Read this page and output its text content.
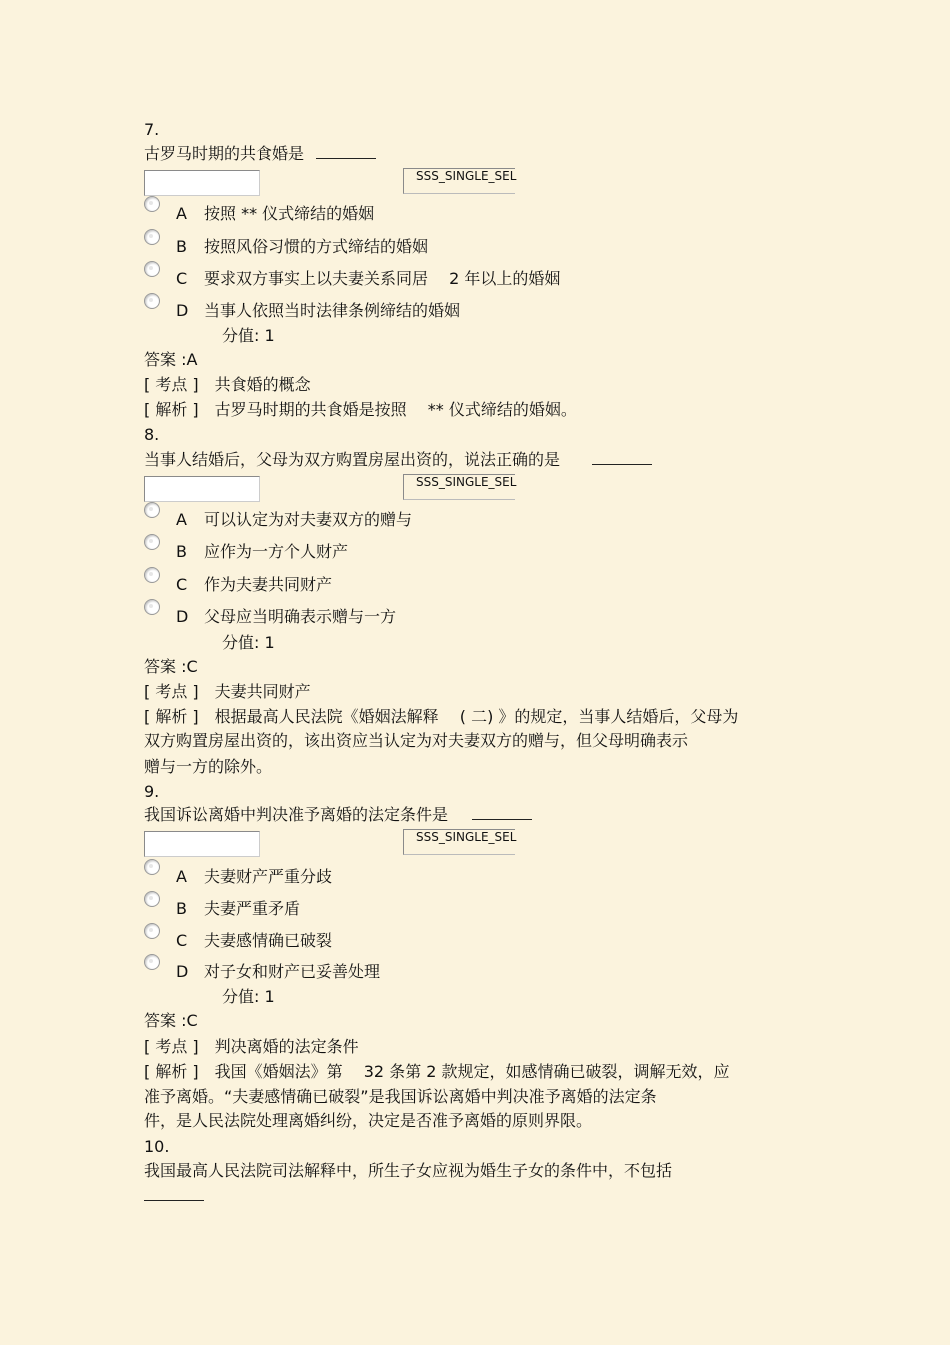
7.
古罗马时期的共食婚是
SSS_SINGLE_SEL
A 按照 ** 仪式缔结的婚姻
B 按照风俗习惯的方式缔结的婚姻
C 要求双方事实上以夫妻关系同居　 2 年以上的婚姻
D 当事人依照当时法律条例缔结的婚姻
分值: 1
答案 :A
[ 考点 ]　共食婚的概念
[ 解析 ]　古罗马时期的共食婚是按照　 ** 仪式缔结的婚姻。
8.
当事人结婚后，父母为双方购置房屋出资的，说法正确的是
SSS_SINGLE_SEL
A 可以认定为对夫妻双方的赠与
B 应作为一方个人财产
C 作为夫妻共同财产
D 父母应当明确表示赠与一方
分值: 1
答案 :C
[ 考点 ]　夫妻共同财产
[ 解析 ]　根据最高人民法院《婚姻法解释　 ( 二) 》的规定，当事人结婚后，父母为
双方购置房屋出资的，该出资应当认定为对夫妻双方的赠与，但父母明确表示
赠与一方的除外。
9.
我国诉讼离婚中判决准予离婚的法定条件是
SSS_SINGLE_SEL
A 夫妻财产严重分歧
B 夫妻严重矛盾
C 夫妻感情确已破裂
D 对子女和财产已妥善处理
分值: 1
答案 :C
[ 考点 ]　判决离婚的法定条件
[ 解析 ]　我国《婚姻法》第　 32 条第 2 款规定，如感情确已破裂，调解无效，应
准予离婚。“夫妻感情确已破裂”是我国诉讼离婚中判决准予离婚的法定条
件，是人民法院处理离婚纠纷，决定是否准予离婚的原则界限。
10.
我国最高人民法院司法解释中，所生子女应视为婚生子女的条件中，不包括
